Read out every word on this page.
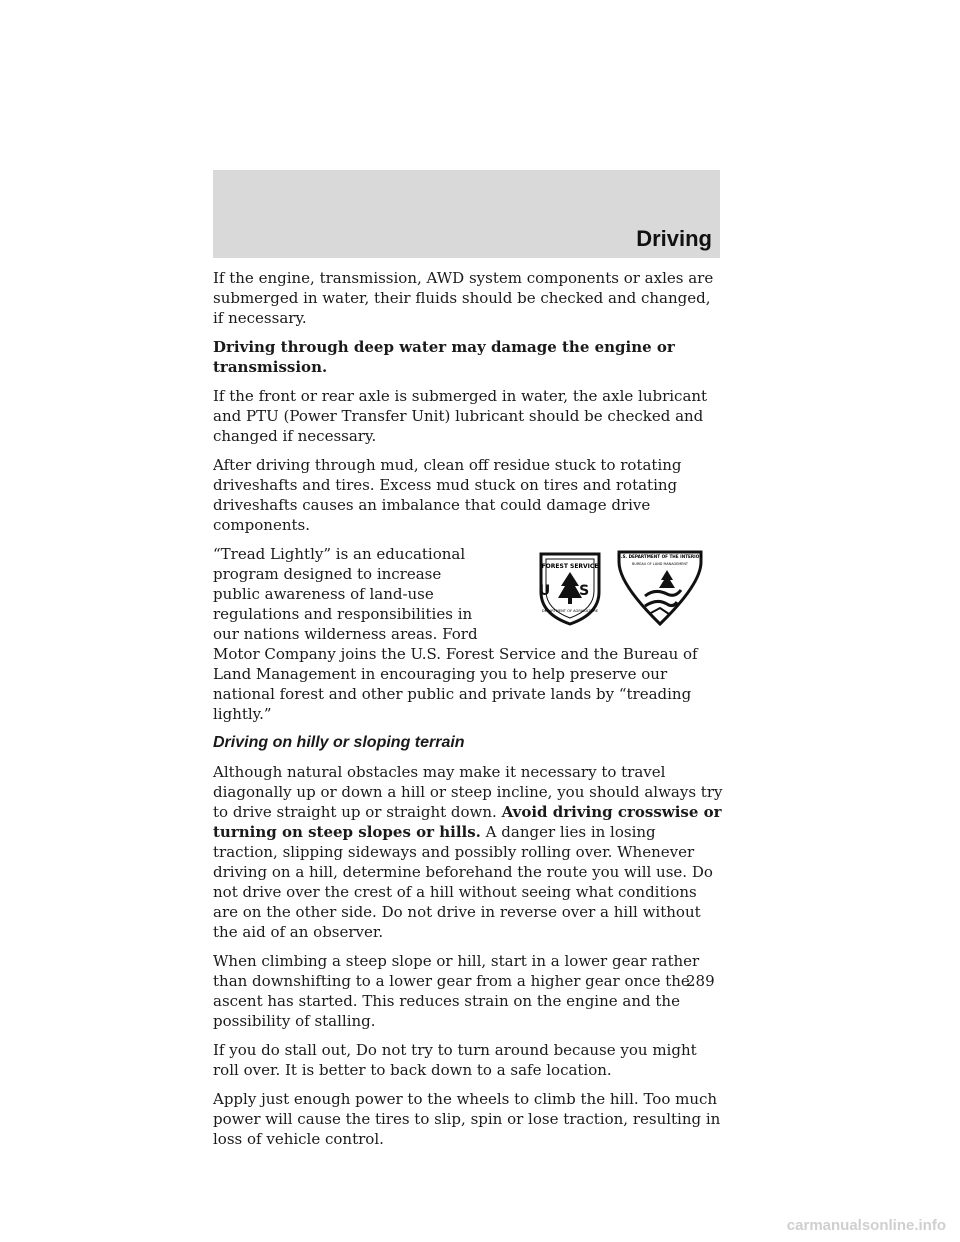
Driving

If the engine, transmission, AWD system components or axles are submerged in water, their fluids should be checked and changed, if necessary.

Driving through deep water may damage the engine or transmission.

If the front or rear axle is submerged in water, the axle lubricant and PTU (Power Transfer Unit) lubricant should be checked and changed if necessary.

After driving through mud, clean off residue stuck to rotating driveshafts and tires. Excess mud stuck on tires and rotating driveshafts causes an imbalance that could damage drive components.

FOREST SERVICE
U S
DEPARTMENT OF AGRICULTURE
U.S. DEPARTMENT OF THE INTERIOR
BUREAU OF LAND MANAGEMENT

“Tread Lightly” is an educational program designed to increase public awareness of land-use regulations and responsibilities in our nations wilderness areas. Ford Motor Company joins the U.S. Forest Service and the Bureau of Land Management in encouraging you to help preserve our national forest and other public and private lands by “treading lightly.”

Driving on hilly or sloping terrain

Although natural obstacles may make it necessary to travel diagonally up or down a hill or steep incline, you should always try to drive straight up or straight down. Avoid driving crosswise or turning on steep slopes or hills. A danger lies in losing traction, slipping sideways and possibly rolling over. Whenever driving on a hill, determine beforehand the route you will use. Do not drive over the crest of a hill without seeing what conditions are on the other side. Do not drive in reverse over a hill without the aid of an observer.

When climbing a steep slope or hill, start in a lower gear rather than downshifting to a lower gear from a higher gear once the ascent has started. This reduces strain on the engine and the possibility of stalling.

If you do stall out, Do not try to turn around because you might roll over. It is better to back down to a safe location.

Apply just enough power to the wheels to climb the hill. Too much power will cause the tires to slip, spin or lose traction, resulting in loss of vehicle control.

289
carmanualsonline.info
